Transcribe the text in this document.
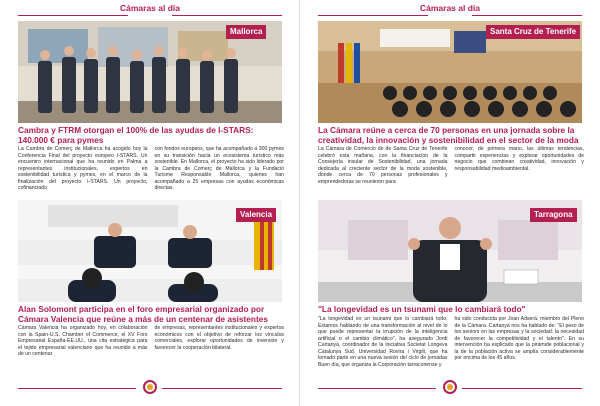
Cámaras al día
Mallorca
Cambra y FTRM otorgan el 100% de las ayudas de I-STARS: 140.000 € para pymes
La Cambra de Comerç de Mallorca ha acogido hoy la Conferencia Final del proyecto europeo I-STARS. Un encuentro internacional que ha reunido en Palma a representantes institucionales, expertos en sostenibilidad turística y pymes, en el marco de la finalización del proyecto I-STARS. Un proyecto, cofinanciado
con fondos europeos, que ha acompañado a 300 pymes en su transición hacia un ecosistema turístico más sostenible. En Mallorca, el proyecto ha sido liderado por la Cambra de Comerç de Mallorca y la Fundació Turisme Responsable Mallorca, quienes han acompañado a 25 empresas con ayudas económicas directas.
Valencia
Alan Solomont participa en el foro empresarial organizado por Cámara Valencia que reúne a más de un centenar de asistentes
Cámara Valencia ha organizado hoy, en colaboración con la Spain-U.S. Chamber of Commerce, el XV Foro Empresarial España-EE.UU., una cita estratégica para el tejido empresarial valenciano que ha reunido a más de un centenar
de empresas, representantes institucionales y expertos económicos con el objetivo de reforzar los vínculos comerciales, explorar oportunidades de inversión y favorecer la cooperación bilateral.
Cámaras al día
Santa Cruz de Tenerife
La Cámara reúne a cerca de 70 personas en una jornada sobre la creatividad, la innovación y sostenibilidad en el sector de la moda
La Cámara de Comercio de de Santa Cruz de Tenerife celebró esta mañana, con la financiación de la Consejería insular de Sostenibilidad, una jornada dedicada al creciente sector de la moda sostenible, donde cerca de 70 personas profesionales y emprendedoras se reunieron para
conocer, de primera mano, las últimas tendencias, compartir experiencias y explorar oportunidades de negocio que combinan creatividad, innovación y responsabilidad medioambiental.
Tarragona
"La longevidad es un tsunami que lo cambiará todo"
"La longevidad es un tsunami que lo cambiará todo. Estamos hablando de una transformación al nivel de lo que puede representar la irrupción de la inteligencia artificial o el cambio climático", ha asegurado Jordi Cartanyà, coordinador de la iniciativa Societat Longeva Catalunya Sud. Universidad Rovira i Virgili, que ha tomado parte en una nueva sesión del ciclo de jornadas Buen día, que organiza la Corporación tarraconense y
ha sido conducida por Joan Adserà, miembro del Pleno de la Cámara. Cartanyà nos ha hablado de: "El peso de los seniors en las empresas y la sociedad: la necesidad de favorecer la competitividad y el talento". En su intervención ha explicado que la pirámide poblacional y la de la población activa se amplía considerablemente por encima de los 45 años.
